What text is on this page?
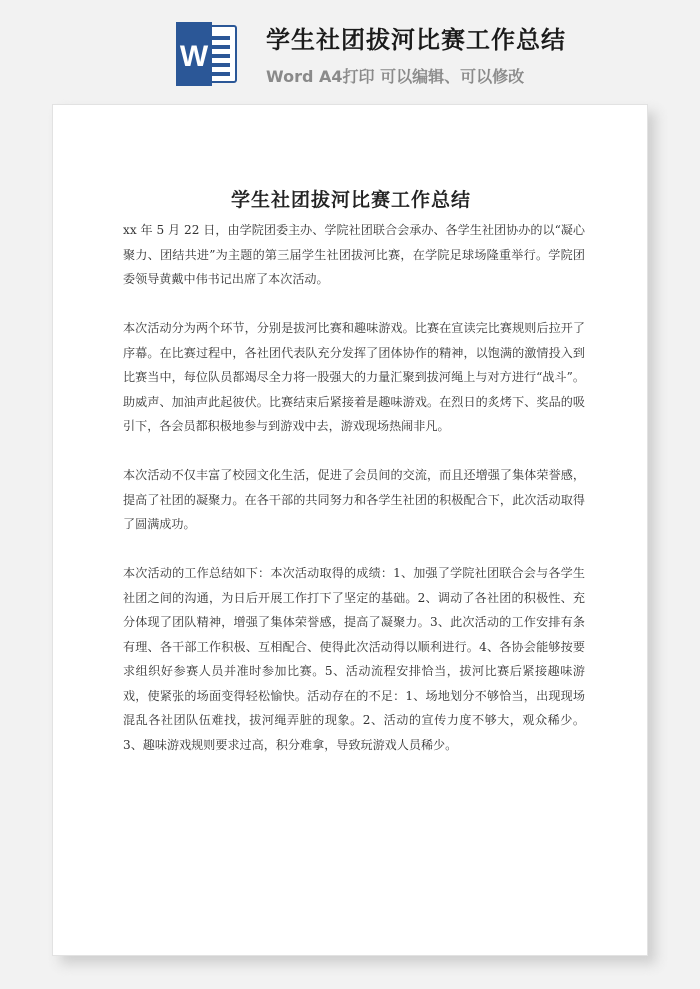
W 学生社团拔河比赛工作总结
Word A4打印 可以编辑、可以修改
学生社团拔河比赛工作总结

xx 年 5 月 22 日，由学院团委主办、学院社团联合会承办、各学生社团协办的以“凝心聚力、团结共进”为主题的第三届学生社团拔河比赛，在学院足球场隆重举行。学院团委领导黄戴中伟书记出席了本次活动。

本次活动分为两个环节，分别是拔河比赛和趣味游戏。比赛在宣读完比赛规则后拉开了序幕。在比赛过程中，各社团代表队充分发挥了团体协作的精神，以饱满的激情投入到比赛当中，每位队员都竭尽全力将一股强大的力量汇聚到拔河绳上与对方进行“战斗”。助威声、加油声此起彼伏。比赛结束后紧接着是趣味游戏。在烈日的炙烤下、奖品的吸引下，各会员都积极地参与到游戏中去，游戏现场热闹非凡。

本次活动不仅丰富了校园文化生活，促进了会员间的交流，而且还增强了集体荣誉感，提高了社团的凝聚力。在各干部的共同努力和各学生社团的积极配合下，此次活动取得了圆满成功。

本次活动的工作总结如下：本次活动取得的成绩：1、加强了学院社团联合会与各学生社团之间的沟通，为日后开展工作打下了坚定的基础。2、调动了各社团的积极性、充分体现了团队精神，增强了集体荣誉感，提高了凝聚力。3、此次活动的工作安排有条有理、各干部工作积极、互相配合、使得此次活动得以顺利进行。4、各协会能够按要求组织好参赛人员并准时参加比赛。5、活动流程安排恰当，拔河比赛后紧接趣味游戏，使紧张的场面变得轻松愉快。活动存在的不足：1、场地划分不够恰当，出现现场混乱各社团队伍难找，拔河绳弄脏的现象。2、活动的宣传力度不够大，观众稀少。3、趣味游戏规则要求过高，积分难拿，导致玩游戏人员稀少。
